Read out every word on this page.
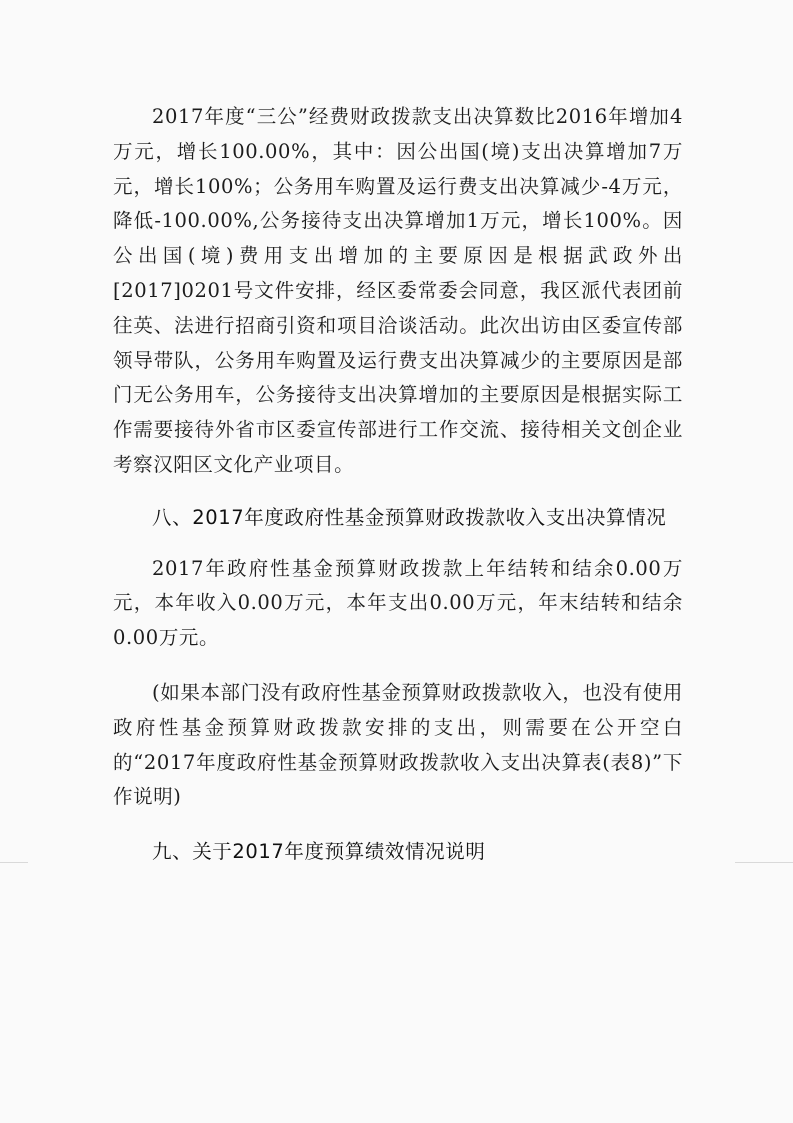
2017年度“三公”经费财政拨款支出决算数比2016年增加4万元，增长100.00%，其中：因公出国(境)支出决算增加7万元，增长100%；公务用车购置及运行费支出决算减少-4万元，降低-100.00%,公务接待支出决算增加1万元，增长100%。因公出国(境)费用支出增加的主要原因是根据武政外出[2017]0201号文件安排，经区委常委会同意，我区派代表团前往英、法进行招商引资和项目洽谈活动。此次出访由区委宣传部领导带队，公务用车购置及运行费支出决算减少的主要原因是部门无公务用车，公务接待支出决算增加的主要原因是根据实际工作需要接待外省市区委宣传部进行工作交流、接待相关文创企业考察汉阳区文化产业项目。

八、2017年度政府性基金预算财政拨款收入支出决算情况

2017年政府性基金预算财政拨款上年结转和结余0.00万元，本年收入0.00万元，本年支出0.00万元，年末结转和结余0.00万元。

(如果本部门没有政府性基金预算财政拨款收入，也没有使用政府性基金预算财政拨款安排的支出，则需要在公开空白的“2017年度政府性基金预算财政拨款收入支出决算表(表8)”下作说明)

九、关于2017年度预算绩效情况说明
